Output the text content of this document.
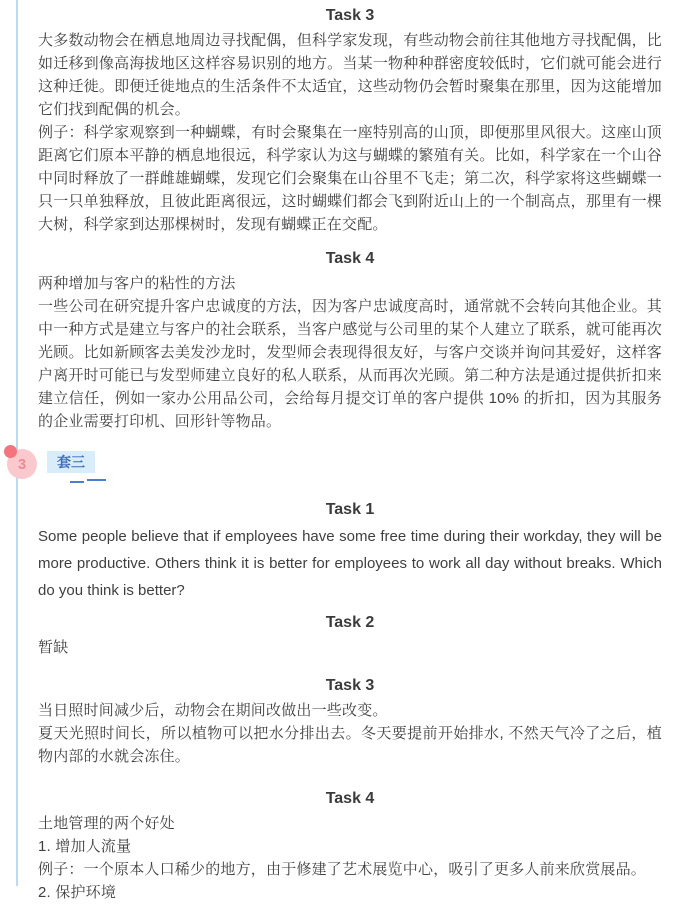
Task 3

大多数动物会在栖息地周边寻找配偶，但科学家发现，有些动物会前往其他地方寻找配偶，比如迁移到像高海拔地区这样容易识别的地方。当某一物种种群密度较低时，它们就可能会进行这种迁徙。即便迁徙地点的生活条件不太适宜，这些动物仍会暂时聚集在那里，因为这能增加它们找到配偶的机会。

例子：科学家观察到一种蝴蝶，有时会聚集在一座特别高的山顶，即便那里风很大。这座山顶距离它们原本平静的栖息地很远，科学家认为这与蝴蝶的繁殖有关。比如，科学家在一个山谷中同时释放了一群雌雄蝴蝶，发现它们会聚集在山谷里不飞走；第二次，科学家将这些蝴蝶一只一只单独释放，且彼此距离很远，这时蝴蝶们都会飞到附近山上的一个制高点，那里有一棵大树，科学家到达那棵树时，发现有蝴蝶正在交配。

Task 4

两种增加与客户的粘性的方法

一些公司在研究提升客户忠诚度的方法，因为客户忠诚度高时，通常就不会转向其他企业。其中一种方式是建立与客户的社会联系，当客户感觉与公司里的某个人建立了联系，就可能再次光顾。比如新顾客去美发沙龙时，发型师会表现得很友好，与客户交谈并询问其爱好，这样客户离开时可能已与发型师建立良好的私人联系，从而再次光顾。第二种方法是通过提供折扣来建立信任，例如一家办公用品公司，会给每月提交订单的客户提供 10% 的折扣，因为其服务的企业需要打印机、回形针等物品。

3	套三
Task 1

Some people believe that if employees have some free time during their workday, they will be more productive. Others think it is better for employees to work all day without breaks. Which do you think is better?

Task 2

暂缺

Task 3

当日照时间减少后，动物会在期间改做出一些改变。

夏天光照时间长，所以植物可以把水分排出去。冬天要提前开始排水, 不然天气冷了之后，植物内部的水就会冻住。

Task 4

土地管理的两个好处

1. 增加人流量

例子：一个原本人口稀少的地方，由于修建了艺术展览中心，吸引了更多人前来欣赏展品。

2. 保护环境
